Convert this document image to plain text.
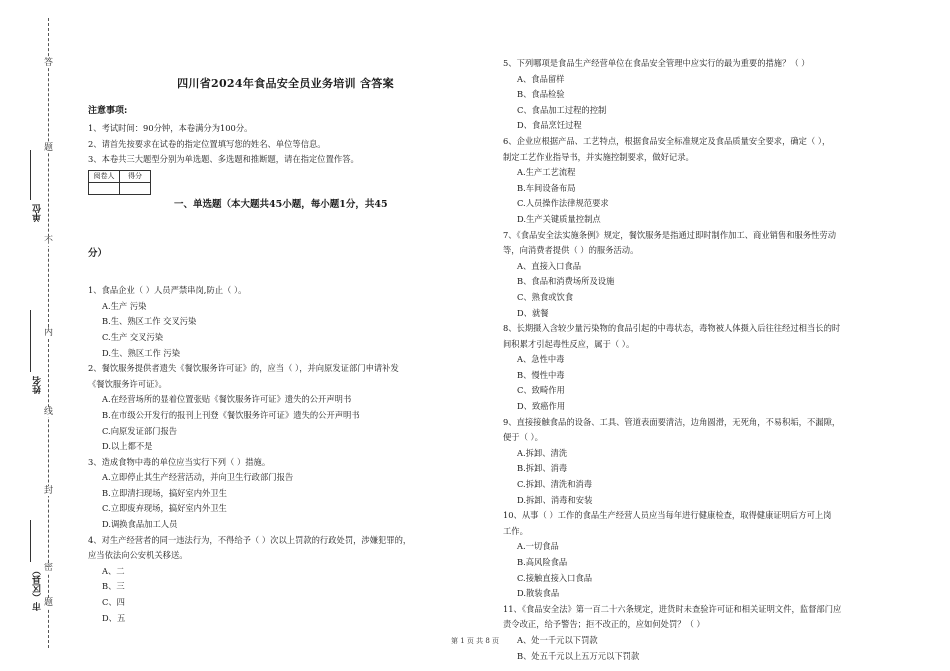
答
题
不
内
线
封
密
单位
姓名
市（区县） 题
四川省2024年食品安全员业务培训 含答案
注意事项:
1、考试时间：90分钟，本卷满分为100分。
2、请首先按要求在试卷的指定位置填写您的姓名、单位等信息。
3、本卷共三大题型分别为单选题、多选题和推断题，请在指定位置作答。
阅卷人	得分

一、单选题（本大题共45小题，每小题1分，共45
分）
1、食品企业（ ）人员严禁串岗,防止（ ）。
A.生产 污染
B.生、熟区工作 交叉污染
C.生产 交叉污染
D.生、熟区工作 污染
2、餐饮服务提供者遗失《餐饮服务许可证》的，应当（ ），并向原发证部门申请补发
《餐饮服务许可证》。
A.在经营场所的显着位置张贴《餐饮服务许可证》遗失的公开声明书
B.在市级公开发行的报刊上刊登《餐饮服务许可证》遗失的公开声明书
C.向原发证部门报告
D.以上都不是
3、造成食物中毒的单位应当实行下列（ ）措施。
A.立即停止其生产经营活动，并向卫生行政部门报告
B.立即清扫现场，搞好室内外卫生
C.立即废弃现场，搞好室内外卫生
D.调换食品加工人员
4、对生产经营者的同一违法行为，不得给予（ ）次以上罚款的行政处罚，涉嫌犯罪的，
应当依法向公安机关移送。
A、二
B、三
C、四
D、五
5、下列哪项是食品生产经营单位在食品安全管理中应实行的最为重要的措施？（ ）
A、食品留样
B、食品检验
C、食品加工过程的控制
D、食品烹饪过程
6、企业应根据产品、工艺特点，根据食品安全标准规定及食品质量安全要求，确定（ ），
制定工艺作业指导书，并实施控制要求，做好记录。
A.生产工艺流程
B.车间设备布局
C.人员操作法律规范要求
D.生产关键质量控制点
7、《食品安全法实施条例》规定，餐饮服务是指通过即时制作加工、商业销售和服务性劳动
等，向消费者提供（ ）的服务活动。
A、直接入口食品
B、食品和消费场所及设施
C、熟食或饮食
D、就餐
8、长期摄入含较少量污染物的食品引起的中毒状态，毒物被人体摄入后往往经过相当长的时
间积累才引起毒性反应，属于（ ）。
A、急性中毒
B、慢性中毒
C、致畸作用
D、致癌作用
9、直接接触食品的设备、工具、管道表面要清洁，边角圆滑，无死角，不易积垢，不漏隙，
便于（ ）。
A.拆卸、清洗
B.拆卸、消毒
C.拆卸、清洗和消毒
D.拆卸、消毒和安装
10、从事（ ）工作的食品生产经营人员应当每年进行健康检查，取得健康证明后方可上岗
工作。
A.一切食品
B.高风险食品
C.接触直接入口食品
D.散装食品
11、《食品安全法》第一百二十六条规定，进货时未查验许可证和相关证明文件，监督部门应
责令改正，给予警告；拒不改正的，应如何处罚？（ ）
A、处一千元以下罚款
B、处五千元以上五万元以下罚款
第 1 页 共 8 页
